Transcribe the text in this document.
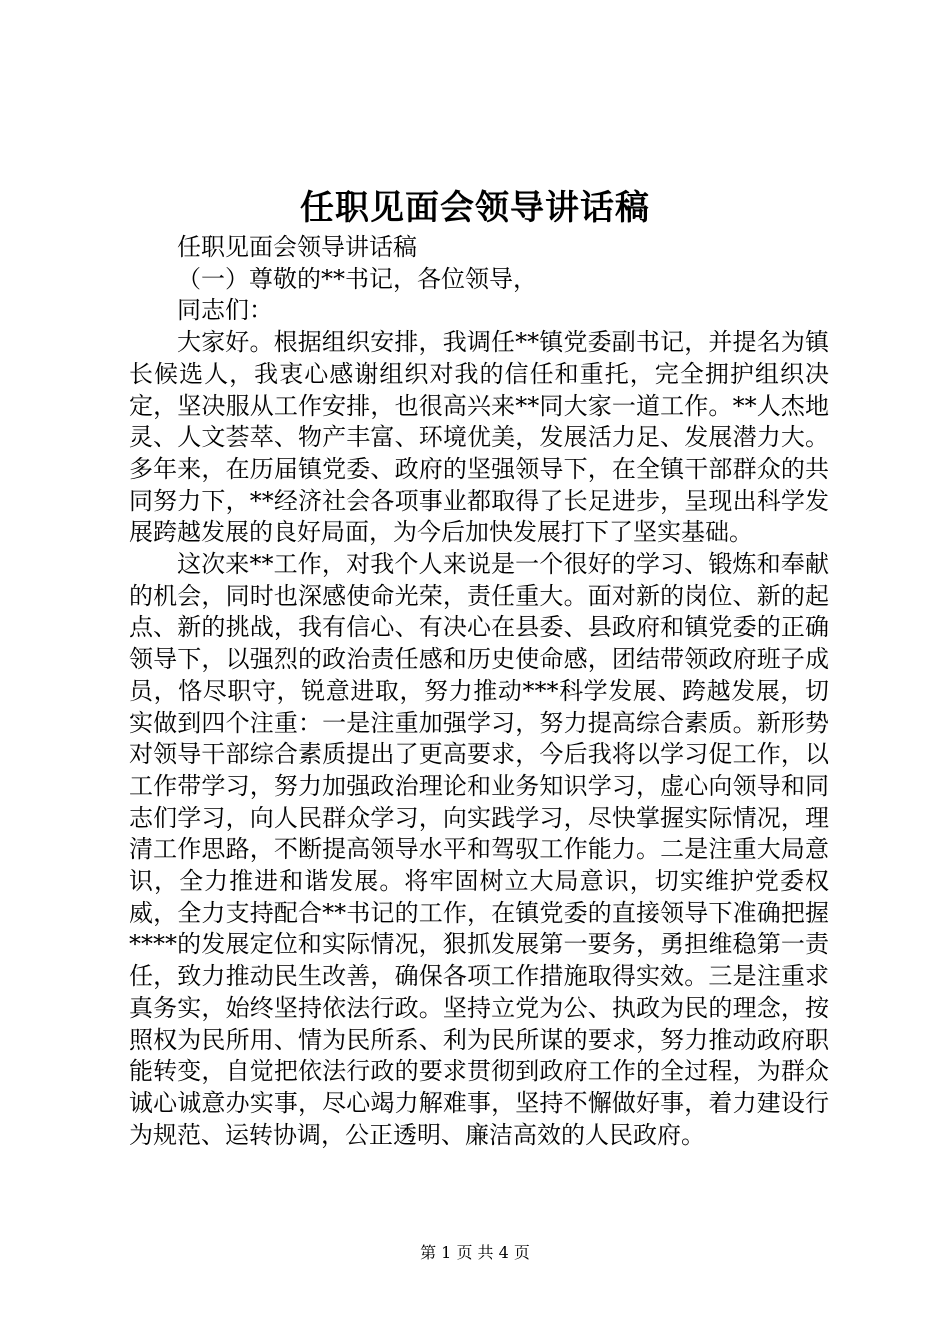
任职见面会领导讲话稿

任职见面会领导讲话稿

（一）尊敬的**书记，各位领导，

同志们：

大家好。根据组织安排，我调任**镇党委副书记，并提名为镇长候选人，我衷心感谢组织对我的信任和重托，完全拥护组织决定，坚决服从工作安排，也很高兴来**同大家一道工作。**人杰地灵、人文荟萃、物产丰富、环境优美，发展活力足、发展潜力大。多年来，在历届镇党委、政府的坚强领导下，在全镇干部群众的共同努力下，**经济社会各项事业都取得了长足进步，呈现出科学发展跨越发展的良好局面，为今后加快发展打下了坚实基础。

这次来**工作，对我个人来说是一个很好的学习、锻炼和奉献的机会，同时也深感使命光荣，责任重大。面对新的岗位、新的起点、新的挑战，我有信心、有决心在县委、县政府和镇党委的正确领导下，以强烈的政治责任感和历史使命感，团结带领政府班子成员，恪尽职守，锐意进取，努力推动***科学发展、跨越发展，切实做到四个注重：一是注重加强学习，努力提高综合素质。新形势对领导干部综合素质提出了更高要求，今后我将以学习促工作，以工作带学习，努力加强政治理论和业务知识学习，虚心向领导和同志们学习，向人民群众学习，向实践学习，尽快掌握实际情况，理清工作思路，不断提高领导水平和驾驭工作能力。二是注重大局意识，全力推进和谐发展。将牢固树立大局意识，切实维护党委权威，全力支持配合**书记的工作，在镇党委的直接领导下准确把握****的发展定位和实际情况，狠抓发展第一要务，勇担维稳第一责任，致力推动民生改善，确保各项工作措施取得实效。三是注重求真务实，始终坚持依法行政。坚持立党为公、执政为民的理念，按照权为民所用、情为民所系、利为民所谋的要求，努力推动政府职能转变，自觉把依法行政的要求贯彻到政府工作的全过程，为群众诚心诚意办实事，尽心竭力解难事，坚持不懈做好事，着力建设行为规范、运转协调，公正透明、廉洁高效的人民政府。

第 1 页 共 4 页
